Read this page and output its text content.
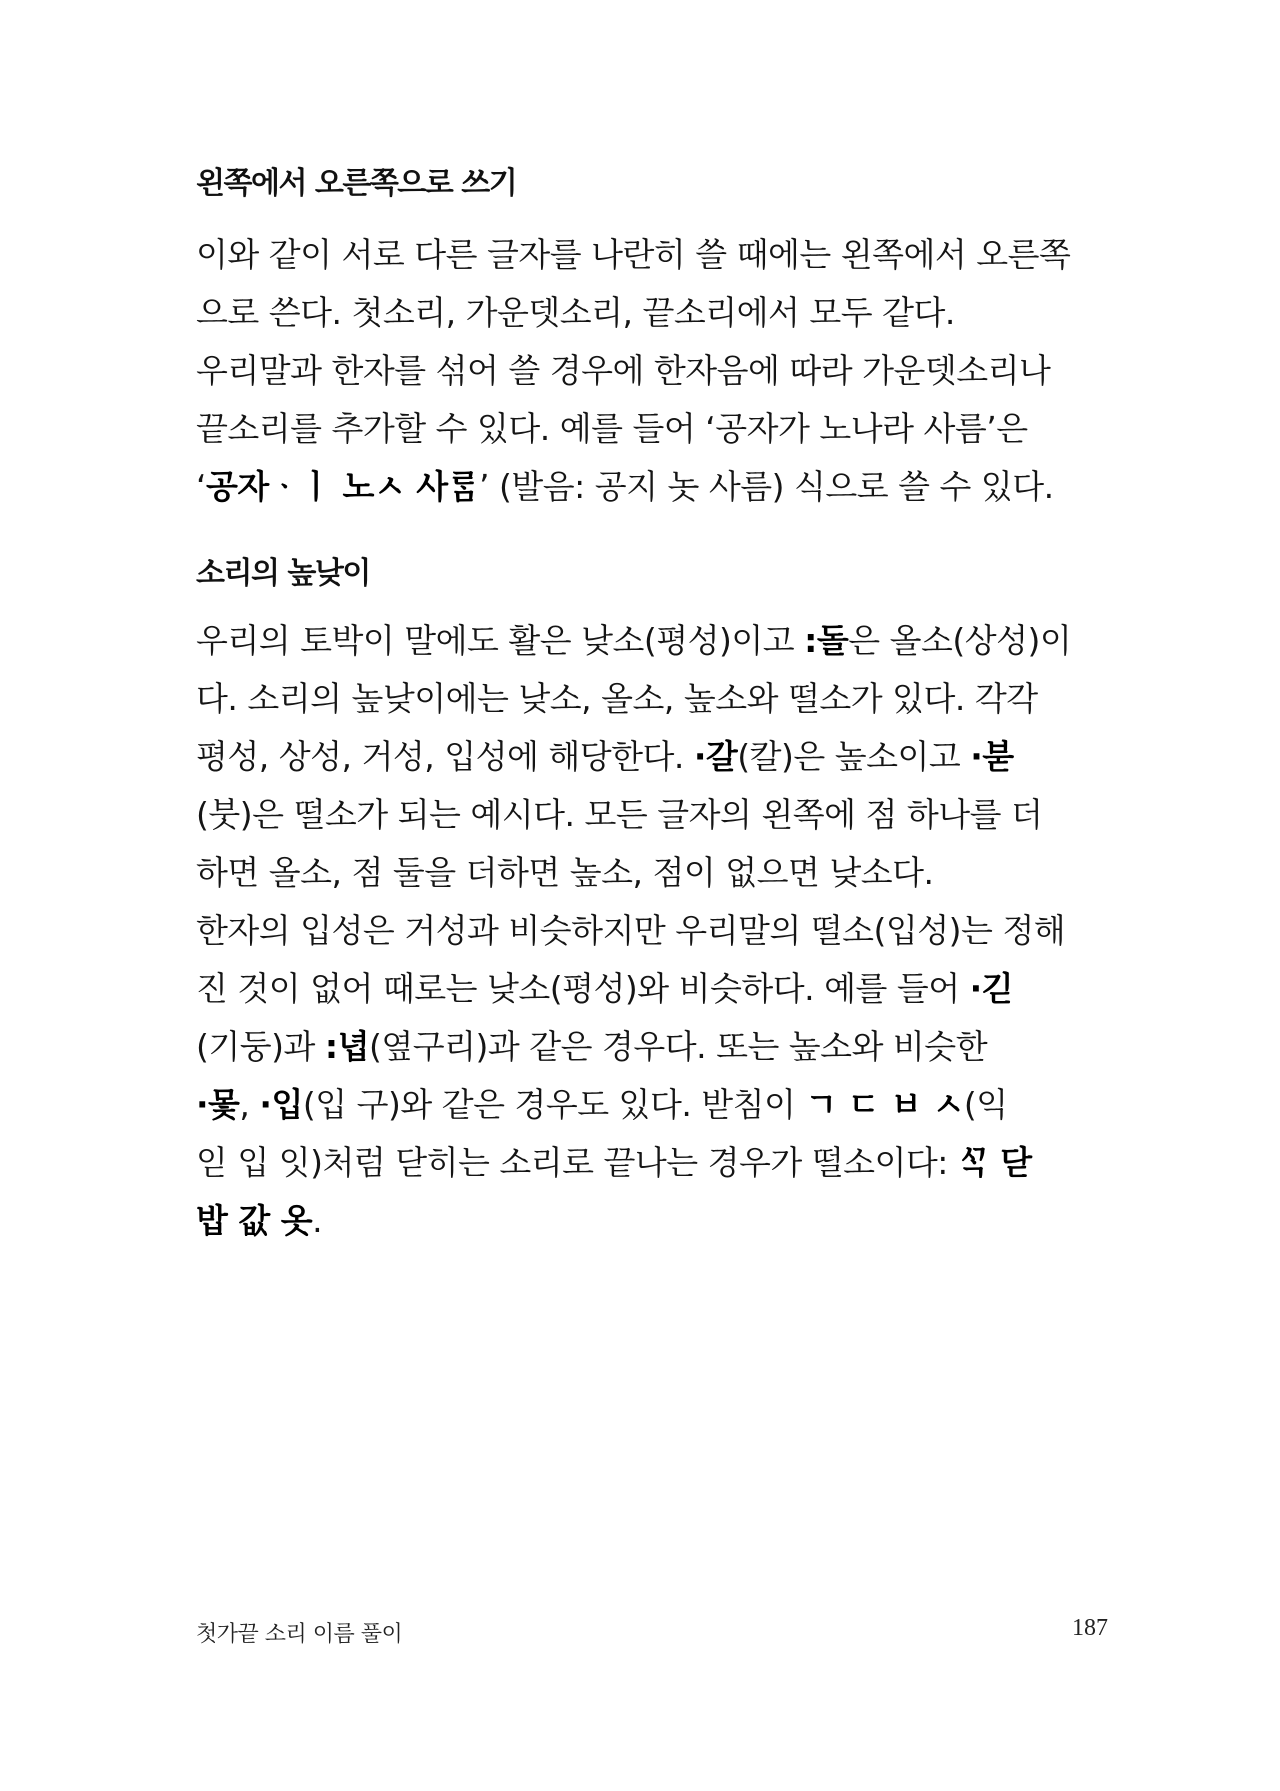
왼쪽에서 오른쪽으로 쓰기
이와 같이 서로 다른 글자를 나란히 쓸 때에는 왼쪽에서 오른쪽
으로 쓴다. 첫소리, 가운뎃소리, 끝소리에서 모두 같다.
우리말과 한자를 섞어 쓸 경우에 한자음에 따라 가운뎃소리나
끝소리를 추가할 수 있다. 예를 들어 ‘공자가 노나라 사름’은
‘공자ᆞㅣ 노ㅅ 사ᄅᆞᆷ’ (발음: 공지 놋 사름) 식으로 쓸 수 있다.
소리의 높낮이
우리의 토박이 말에도 활은 낮소(평성)이고 :돌은 올소(상성)이
다. 소리의 높낮이에는 낮소, 올소, 높소와 떨소가 있다. 각각
평성, 상성, 거성, 입성에 해당한다. ·갈(칼)은 높소이고 ·붇
(붓)은 떨소가 되는 예시다. 모든 글자의 왼쪽에 점 하나를 더
하면 올소, 점 둘을 더하면 높소, 점이 없으면 낮소다.
한자의 입성은 거성과 비슷하지만 우리말의 떨소(입성)는 정해
진 것이 없어 때로는 낮소(평성)와 비슷하다. 예를 들어 ·긷
(기둥)과 :녑(옆구리)과 같은 경우다. 또는 높소와 비슷한
·몿, ·입(입 구)와 같은 경우도 있다. 받침이 ㄱ ㄷ ㅂ ㅅ(익
읻 입 잇)처럼 닫히는 소리로 끝나는 경우가 떨소이다: ᄭᆞᆨ 닫
밥 값 옷.
첫가끝 소리 이름 풀이	187
